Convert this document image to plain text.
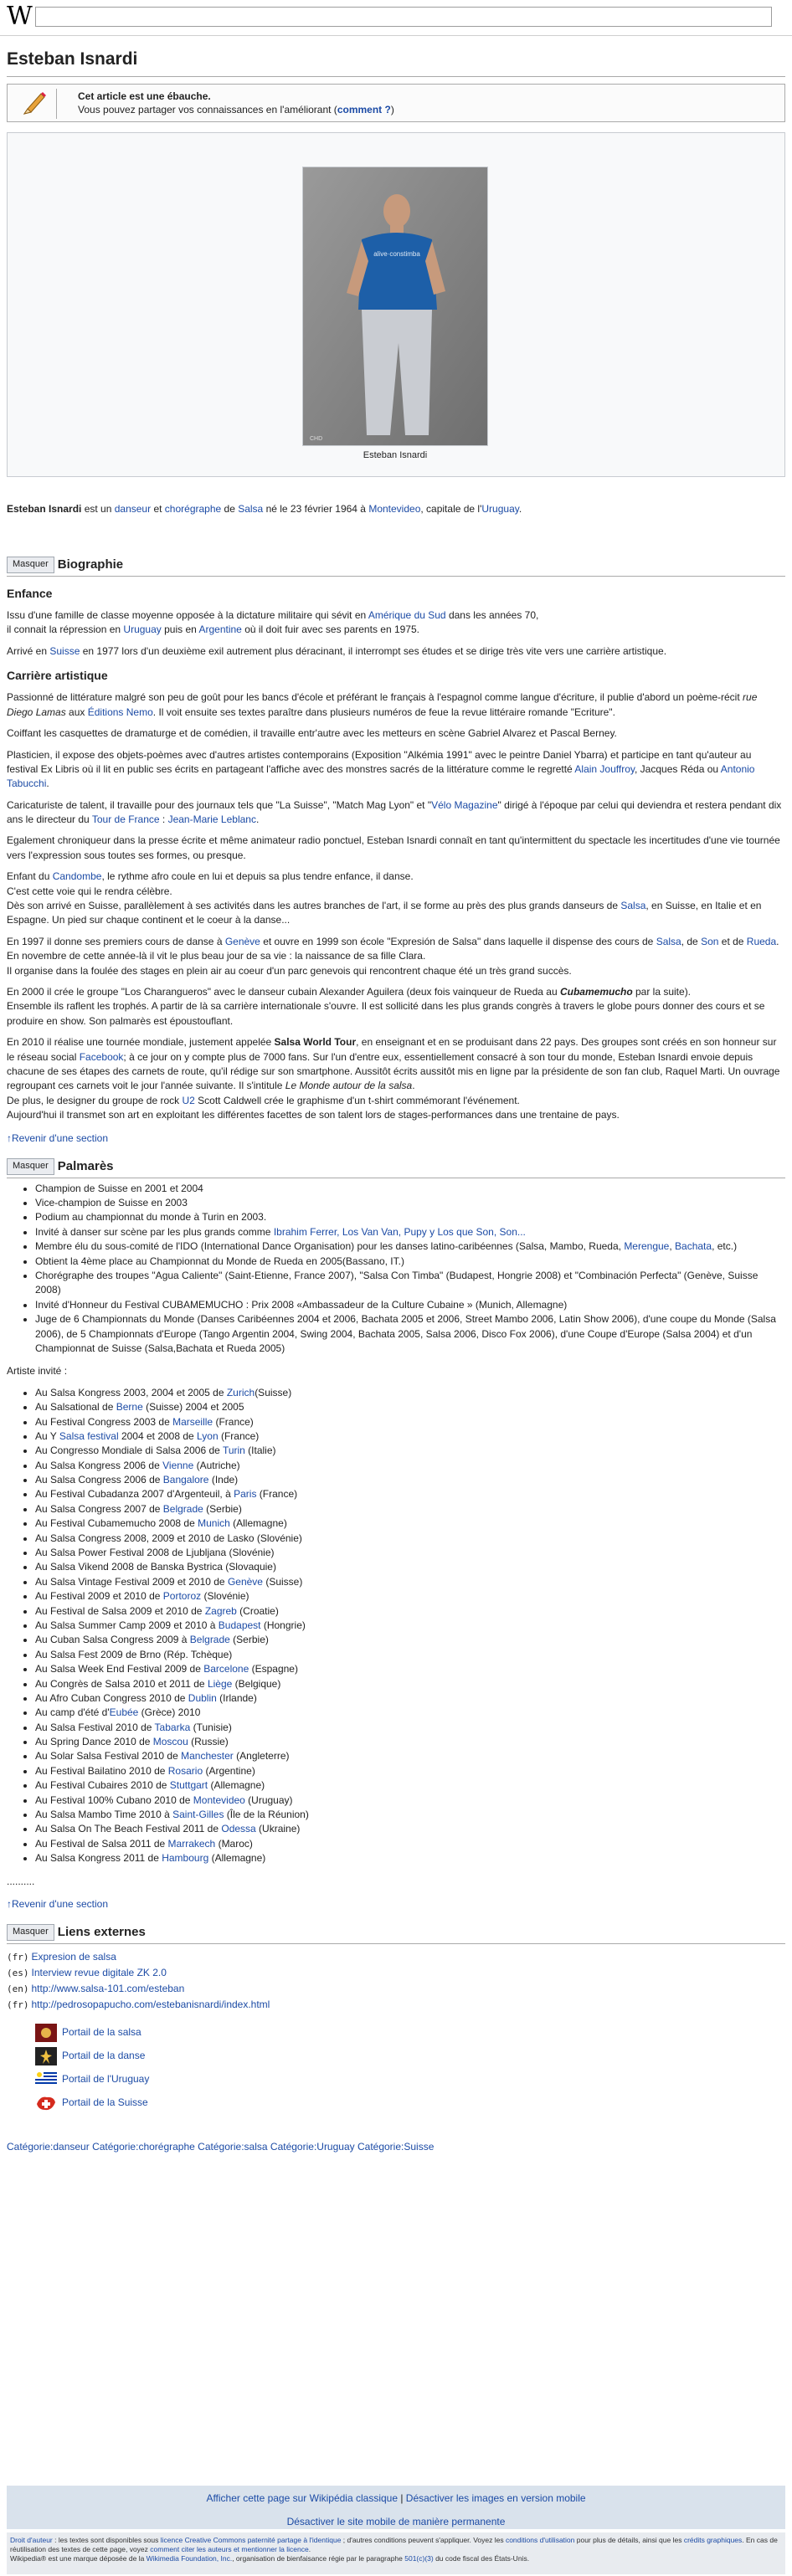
W
Esteban Isnardi
Cet article est une ébauche.
Vous pouvez partager vos connaissances en l'améliorant (comment ?)
alive·constimba
CHD
Esteban Isnardi

Esteban Isnardi est un danseur et chorégraphe de Salsa né le 23 février 1964 à Montevideo, capitale de l'Uruguay.

Masquer Biographie
Enfance

Issu d'une famille de classe moyenne opposée à la dictature militaire qui sévit en Amérique du Sud dans les années 70,
il connait la répression en Uruguay puis en Argentine où il doit fuir avec ses parents en 1975.

Arrivé en Suisse en 1977 lors d'un deuxième exil autrement plus déracinant, il interrompt ses études et se dirige très vite vers une carrière artistique.

Carrière artistique

Passionné de littérature malgré son peu de goût pour les bancs d'école et préférant le français à l'espagnol comme langue d'écriture, il publie d'abord un poème-récit rue Diego Lamas aux Éditions Nemo. Il voit ensuite ses textes paraître dans plusieurs numéros de feue la revue littéraire romande "Ecriture".

Coiffant les casquettes de dramaturge et de comédien, il travaille entr'autre avec les metteurs en scène Gabriel Alvarez et Pascal Berney.

Plasticien, il expose des objets-poèmes avec d'autres artistes contemporains (Exposition "Alkémia 1991" avec le peintre Daniel Ybarra) et participe en tant qu'auteur au festival Ex Libris où il lit en public ses écrits en partageant l'affiche avec des monstres sacrés de la littérature comme le regretté Alain Jouffroy, Jacques Réda ou Antonio Tabucchi.

Caricaturiste de talent, il travaille pour des journaux tels que "La Suisse", "Match Mag Lyon" et "Vélo Magazine" dirigé à l'époque par celui qui deviendra et restera pendant dix ans le directeur du Tour de France : Jean-Marie Leblanc.

Egalement chroniqueur dans la presse écrite et même animateur radio ponctuel, Esteban Isnardi connaît en tant qu'intermittent du spectacle les incertitudes d'une vie tournée vers l'expression sous toutes ses formes, ou presque.

Enfant du Candombe, le rythme afro coule en lui et depuis sa plus tendre enfance, il danse.
C'est cette voie qui le rendra célèbre.
Dès son arrivé en Suisse, parallèlement à ses activités dans les autres branches de l'art, il se forme au près des plus grands danseurs de Salsa, en Suisse, en Italie et en Espagne. Un pied sur chaque continent et le coeur à la danse...

En 1997 il donne ses premiers cours de danse à Genève et ouvre en 1999 son école "Expresión de Salsa" dans laquelle il dispense des cours de Salsa, de Son et de Rueda. En novembre de cette année-là il vit le plus beau jour de sa vie : la naissance de sa fille Clara.
Il organise dans la foulée des stages en plein air au coeur d'un parc genevois qui rencontrent chaque été un très grand succès.

En 2000 il crée le groupe "Los Charangueros" avec le danseur cubain Alexander Aguilera (deux fois vainqueur de Rueda au Cubamemucho par la suite).
Ensemble ils raflent les trophés. A partir de là sa carrière internationale s'ouvre. Il est sollicité dans les plus grands congrès à travers le globe pours donner des cours et se produire en show. Son palmarès est époustouflant.

En 2010 il réalise une tournée mondiale, justement appelée Salsa World Tour, en enseignant et en se produisant dans 22 pays. Des groupes sont créés en son honneur sur le réseau social Facebook; à ce jour on y compte plus de 7000 fans. Sur l'un d'entre eux, essentiellement consacré à son tour du monde, Esteban Isnardi envoie depuis chacune de ses étapes des carnets de route, qu'il rédige sur son smartphone. Aussitôt écrits aussitôt mis en ligne par la présidente de son fan club, Raquel Marti. Un ouvrage regroupant ces carnets voit le jour l'année suivante. Il s'intitule Le Monde autour de la salsa.
De plus, le designer du groupe de rock U2 Scott Caldwell crée le graphisme d'un t-shirt commémorant l'événement.
Aujourd'hui il transmet son art en exploitant les différentes facettes de son talent lors de stages-performances dans une trentaine de pays.

↑Revenir d'une section
Masquer Palmarès
• Champion de Suisse en 2001 et 2004
• Vice-champion de Suisse en 2003
• Podium au championnat du monde à Turin en 2003.
• Invité à danser sur scène par les plus grands comme Ibrahim Ferrer, Los Van Van, Pupy y Los que Son, Son...
• Membre élu du sous-comité de l'IDO (International Dance Organisation) pour les danses latino-caribéennes (Salsa, Mambo, Rueda, Merengue, Bachata, etc.)
• Obtient la 4ème place au Championnat du Monde de Rueda en 2005(Bassano, IT.)
• Chorégraphe des troupes "Agua Caliente" (Saint-Etienne, France 2007), "Salsa Con Timba" (Budapest, Hongrie 2008) et "Combinación Perfecta" (Genève, Suisse 2008)
• Invité d'Honneur du Festival CUBAMEMUCHO : Prix 2008 «Ambassadeur de la Culture Cubaine » (Munich, Allemagne)
• Juge de 6 Championnats du Monde (Danses Caribéennes 2004 et 2006, Bachata 2005 et 2006, Street Mambo 2006, Latin Show 2006), d'une coupe du Monde (Salsa 2006), de 5 Championnats d'Europe (Tango Argentin 2004, Swing 2004, Bachata 2005, Salsa 2006, Disco Fox 2006), d'une Coupe d'Europe (Salsa 2004) et d'un Championnat de Suisse (Salsa,Bachata et Rueda 2005)

Artiste invité :

• Au Salsa Kongress 2003, 2004 et 2005 de Zurich(Suisse)
• Au Salsational de Berne (Suisse) 2004 et 2005
• Au Festival Congress 2003 de Marseille (France)
• Au Y Salsa festival 2004 et 2008 de Lyon (France)
• Au Congresso Mondiale di Salsa 2006 de Turin (Italie)
• Au Salsa Kongress 2006 de Vienne (Autriche)
• Au Salsa Congress 2006 de Bangalore (Inde)
• Au Festival Cubadanza 2007 d'Argenteuil, à Paris (France)
• Au Salsa Congress 2007 de Belgrade (Serbie)
• Au Festival Cubamemucho 2008 de Munich (Allemagne)
• Au Salsa Congress 2008, 2009 et 2010 de Lasko (Slovénie)
• Au Salsa Power Festival 2008 de Ljubljana (Slovénie)
• Au Salsa Vikend 2008 de Banska Bystrica (Slovaquie)
• Au Salsa Vintage Festival 2009 et 2010 de Genève (Suisse)
• Au Festival 2009 et 2010 de Portoroz (Slovénie)
• Au Festival de Salsa 2009 et 2010 de Zagreb (Croatie)
• Au Salsa Summer Camp 2009 et 2010 à Budapest (Hongrie)
• Au Cuban Salsa Congress 2009 à Belgrade (Serbie)
• Au Salsa Fest 2009 de Brno (Rép. Tchèque)
• Au Salsa Week End Festival 2009 de Barcelone (Espagne)
• Au Congrès de Salsa 2010 et 2011 de Liège (Belgique)
• Au Afro Cuban Congress 2010 de Dublin (Irlande)
• Au camp d'été d'Eubée (Grèce) 2010
• Au Salsa Festival 2010 de Tabarka (Tunisie)
• Au Spring Dance 2010 de Moscou (Russie)
• Au Solar Salsa Festival 2010 de Manchester (Angleterre)
• Au Festival Bailatino 2010 de Rosario (Argentine)
• Au Festival Cubaires 2010 de Stuttgart (Allemagne)
• Au Festival 100% Cubano 2010 de Montevideo (Uruguay)
• Au Salsa Mambo Time 2010 à Saint-Gilles (Île de la Réunion)
• Au Salsa On The Beach Festival 2011 de Odessa (Ukraine)
• Au Festival de Salsa 2011 de Marrakech (Maroc)
• Au Salsa Kongress 2011 de Hambourg (Allemagne)
..........
↑Revenir d'une section
Masquer Liens externes
(fr) Expresion de salsa
(es) Interview revue digitale ZK 2.0
(en) http://www.salsa-101.com/esteban
(fr) http://pedrosopapucho.com/estebanisnardi/index.html
Portail de la salsa
Portail de la danse
Portail de l'Uruguay
Portail de la Suisse
Catégorie:danseur Catégorie:chorégraphe Catégorie:salsa Catégorie:Uruguay Catégorie:Suisse
Afficher cette page sur Wikipédia classique | Désactiver les images en version mobile
Désactiver le site mobile de manière permanente
Droit d'auteur : les textes sont disponibles sous licence Creative Commons paternité partage à l'identique ; d'autres conditions peuvent s'appliquer. Voyez les conditions d'utilisation pour plus de détails, ainsi que les crédits graphiques. En cas de réutilisation des textes de cette page, voyez comment citer les auteurs et mentionner la licence.
Wikipedia® est une marque déposée de la Wikimedia Foundation, Inc., organisation de bienfaisance régie par le paragraphe 501(c)(3) du code fiscal des États-Unis.
